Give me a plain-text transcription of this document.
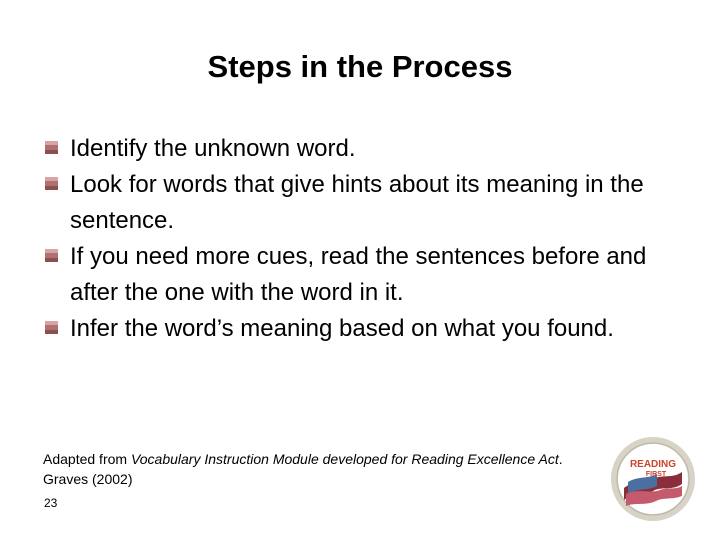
Steps in the Process
Identify the unknown word.
Look for words that give hints about its meaning in the sentence.
If you need more cues, read the sentences before and after the one with the word in it.
Infer the word’s meaning based on what you found.
Adapted from Vocabulary Instruction Module developed for Reading Excellence Act. Graves (2002)
23
READING
FIRST
